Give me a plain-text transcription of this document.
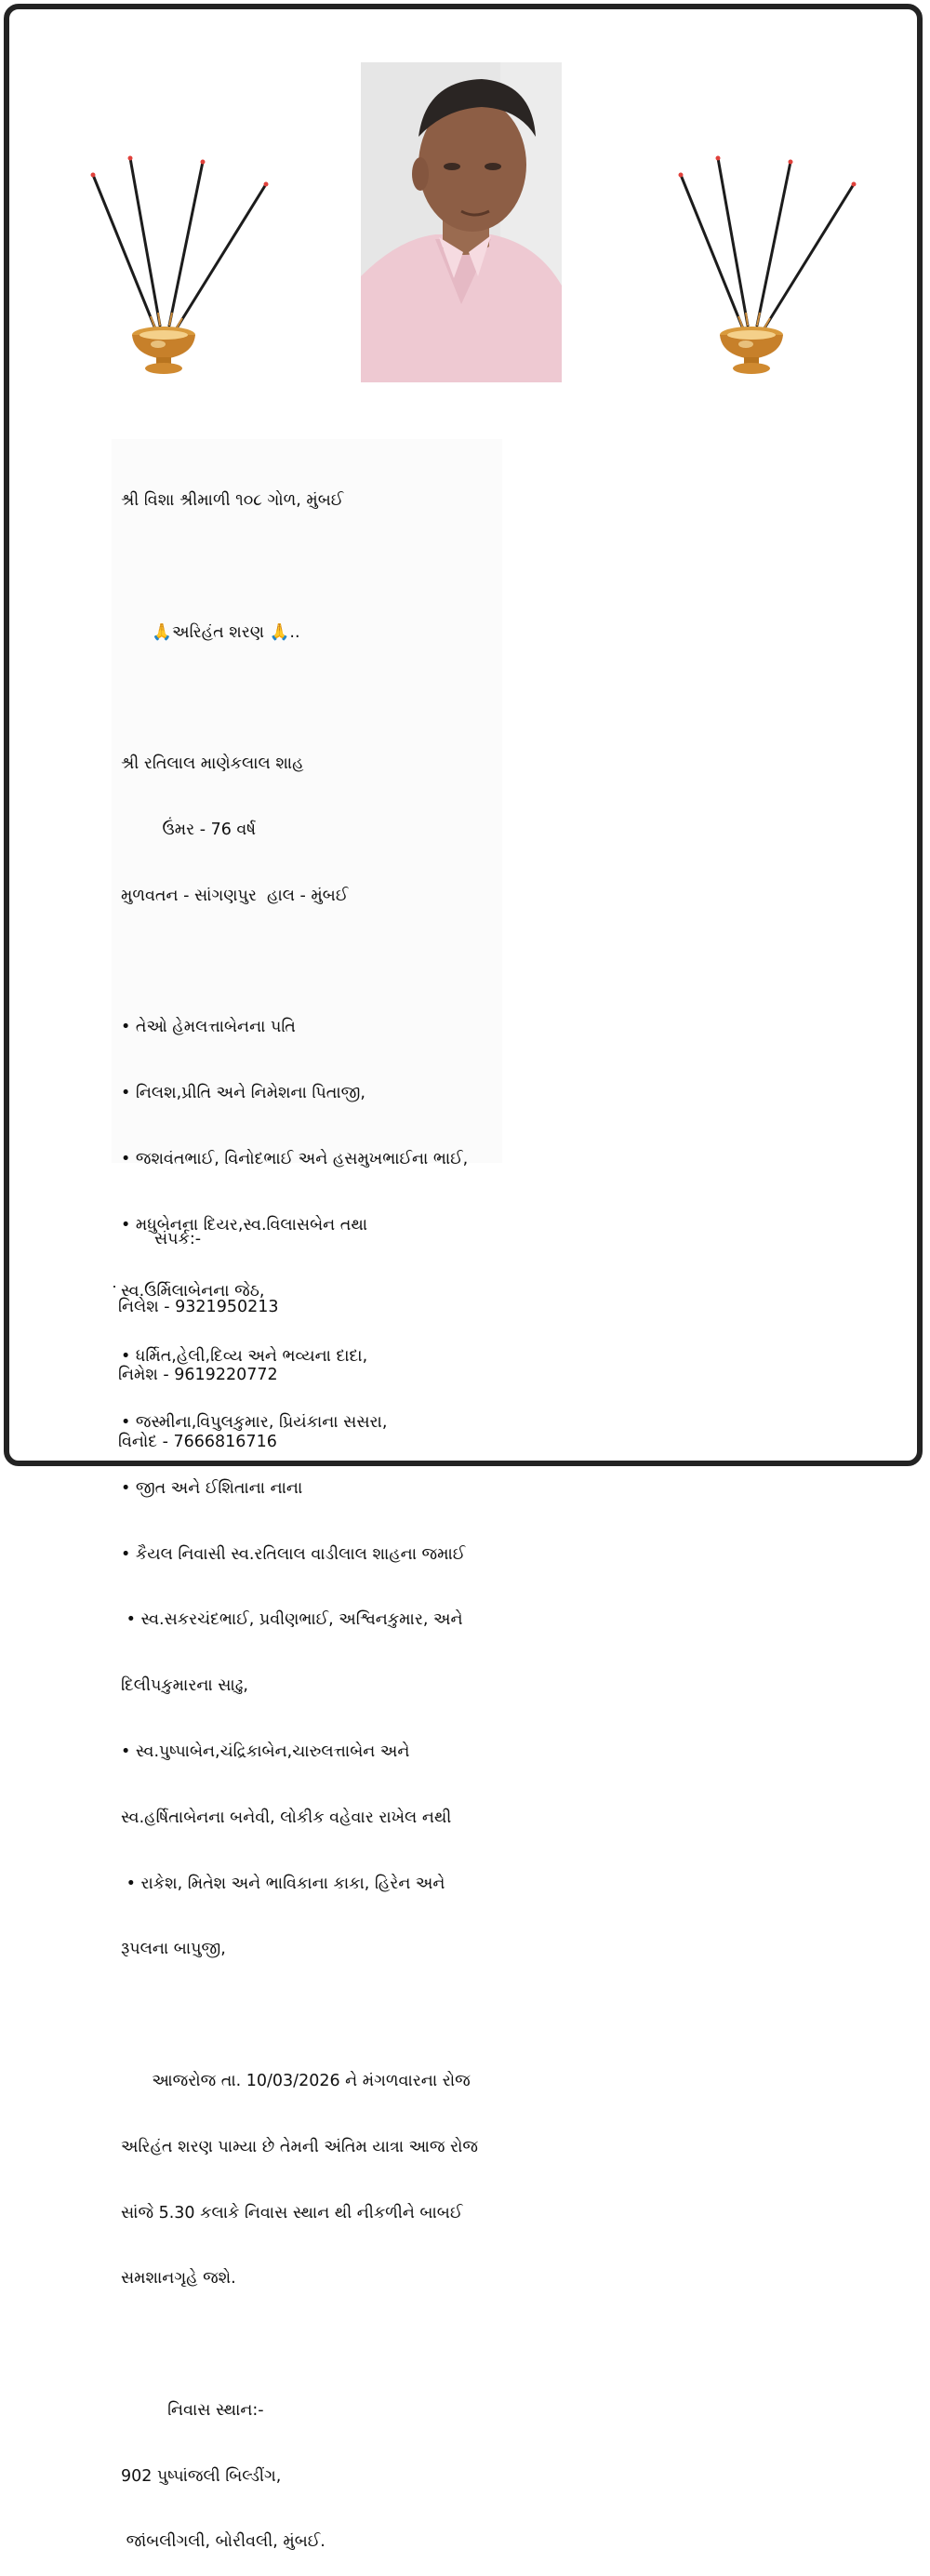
શ્રી વિશા શ્રીમાળી ૧૦૮ ગોળ, મુંબઈ

🙏અરિહંત શરણ 🙏..

શ્રી રતિલાલ માણેકલાલ શાહ

ઉંમર - 76 વર્ષ

મુળવતન - સાંગણપુર  હાલ - મુંબઈ

• તેઓ હેમલત્તાબેનના પતિ

• નિલશ,પ્રીતિ અને નિમેશના પિતાજી,

• જશવંતભાઈ, વિનોદભાઈ અને હસમુખભાઈના ભાઈ,

• મધુબેનના દિયર,સ્વ.વિલાસબેન તથા

સ્વ.ઉર્મિલાબેનના જેઠ,

• ધર્મિત,હેલી,દિવ્ય અને ભવ્યના દાદા,

• જસ્મીના,વિપુલકુમાર, પ્રિયંકાના સસરા,

• જીત અને ઈશિતાના નાના

• કૈયલ નિવાસી સ્વ.રતિલાલ વાડીલાલ શાહના જમાઈ

• સ્વ.સકરચંદભાઈ, પ્રવીણભાઈ, અશ્વિનકુમાર, અને

દિલીપકુમારના સાઢુ,

• સ્વ.પુષ્પાબેન,ચંદ્રિકાબેન,ચારુલત્તાબેન અને

સ્વ.હર્ષિતાબેનના બનેવી, લોકીક વહેવાર રાખેલ નથી

• રાકેશ, મિતેશ અને ભાવિકાના કાકા, હિરેન અને

રૂપલના બાપુજી,

આજરોજ તા. 10/03/2026 ને મંગળવારના રોજ

અરિહંત શરણ પામ્યા છે તેમની અંતિમ યાત્રા આજ રોજ

સાંજે 5.30 કલાકે નિવાસ સ્થાન થી નીકળીને બાબઈ

સમશાનગૃહે જશે.

નિવાસ સ્થાન:-

902 પુષ્પાંજલી બિલ્ડીંગ,

જાંબલીગલી, બોરીવલી, મુંબઈ.

સંપર્ક:-

નિલેશ - 9321950213

નિમેશ - 9619220772

વિનોદ - 7666816716
